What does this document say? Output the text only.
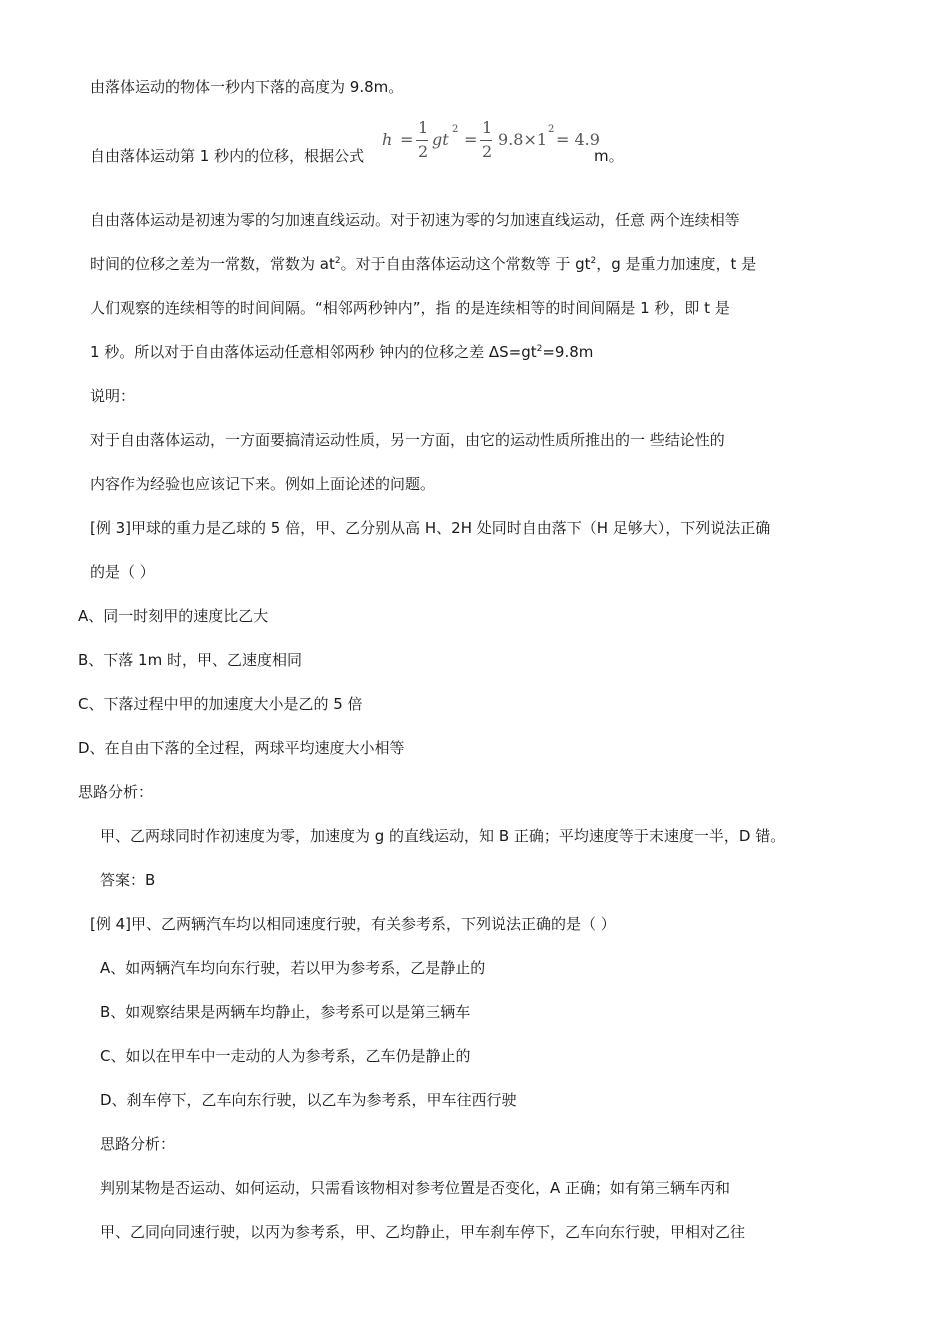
由落体运动的物体一秒内下落的高度为 9.8m。
自由落体运动第 1 秒内的位移，根据公式
h =
1
2
gt
2
=
1
2
9.8×1
2
= 4.9
m。
自由落体运动是初速为零的匀加速直线运动。对于初速为零的匀加速直线运动，任意 两个连续相等
时间的位移之差为一常数，常数为 $at^2$。对于自由落体运动这个常数等 于 $gt^2$，g 是重力加速度，t 是
人们观察的连续相等的时间间隔。“相邻两秒钟内”，指 的是连续相等的时间间隔是 1 秒，即 t 是
1 秒。所以对于自由落体运动任意相邻两秒 钟内的位移之差 $\Delta S=gt^2=9.8m$
说明：
对于自由落体运动，一方面要搞清运动性质，另一方面，由它的运动性质所推出的一 些结论性的
内容作为经验也应该记下来。例如上面论述的问题。
[例 3]甲球的重力是乙球的 5 倍，甲、乙分别从高 H、2H 处同时自由落下（H 足够大），下列说法正确
的是（ ）
A、同一时刻甲的速度比乙大
B、下落 1m 时，甲、乙速度相同
C、下落过程中甲的加速度大小是乙的 5 倍
D、在自由下落的全过程，两球平均速度大小相等
思路分析：
甲、乙两球同时作初速度为零，加速度为 g 的直线运动，知 B 正确；平均速度等于末速度一半，D 错。
答案：B
[例 4]甲、乙两辆汽车均以相同速度行驶，有关参考系，下列说法正确的是（ ）
A、如两辆汽车均向东行驶，若以甲为参考系，乙是静止的
B、如观察结果是两辆车均静止，参考系可以是第三辆车
C、如以在甲车中一走动的人为参考系，乙车仍是静止的
D、刹车停下，乙车向东行驶，以乙车为参考系，甲车往西行驶
思路分析：
判别某物是否运动、如何运动，只需看该物相对参考位置是否变化，A 正确；如有第三辆车丙和
甲、乙同向同速行驶，以丙为参考系，甲、乙均静止，甲车刹车停下，乙车向东行驶，甲相对乙往
